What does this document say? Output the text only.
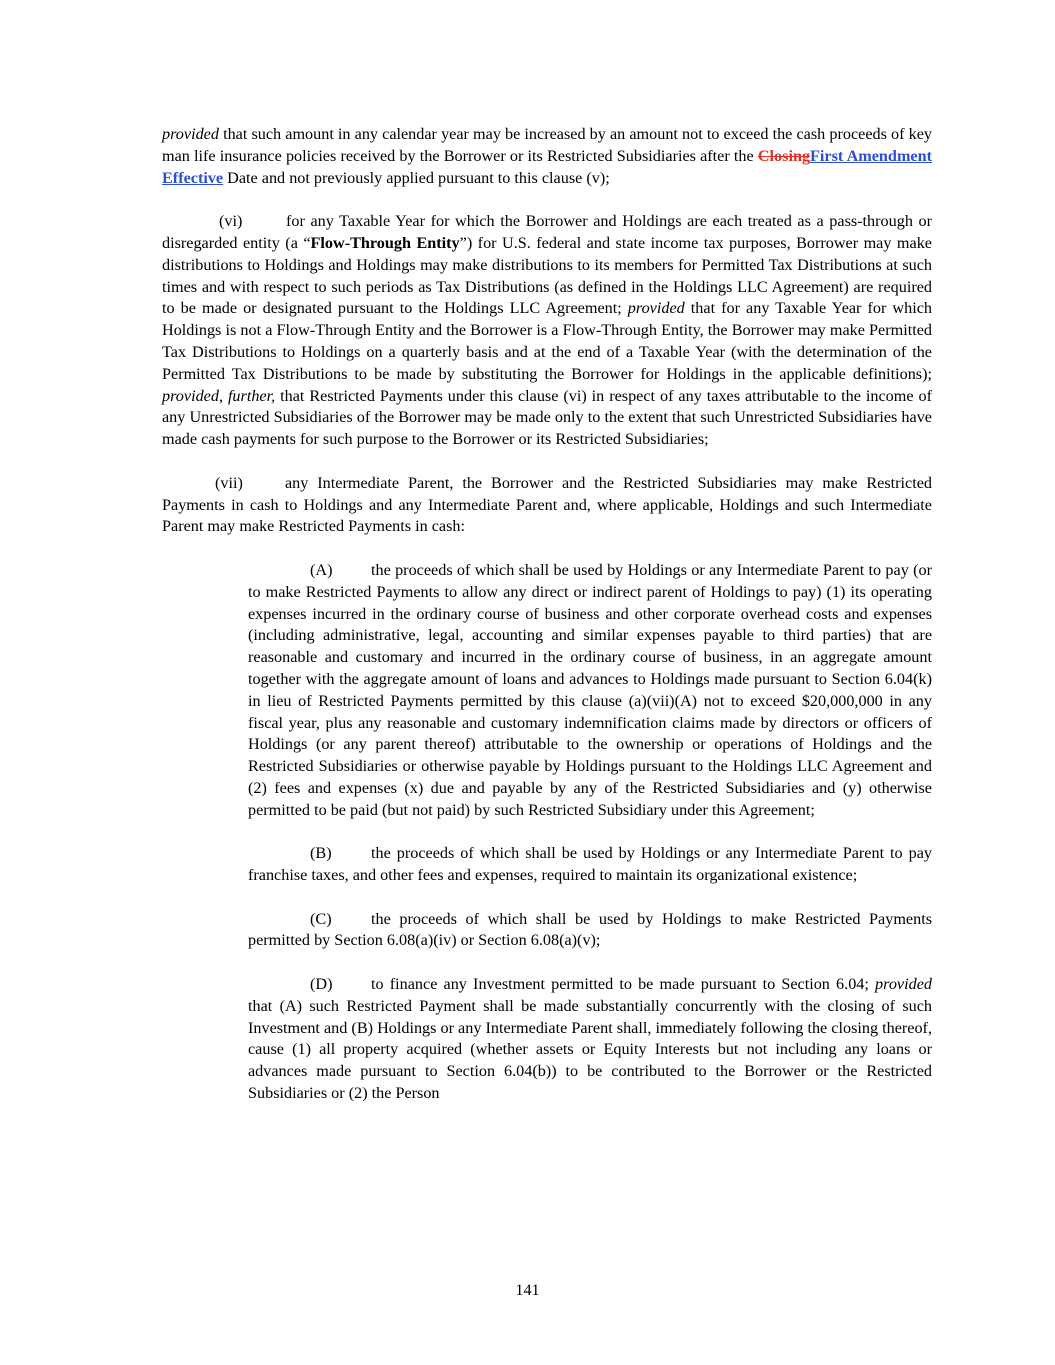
provided that such amount in any calendar year may be increased by an amount not to exceed the cash proceeds of key man life insurance policies received by the Borrower or its Restricted Subsidiaries after the ClosingFirst Amendment Effective Date and not previously applied pursuant to this clause (v);

(vi)	for any Taxable Year for which the Borrower and Holdings are each treated as a pass-through or disregarded entity (a “Flow-Through Entity”) for U.S. federal and state income tax purposes, Borrower may make distributions to Holdings and Holdings may make distributions to its members for Permitted Tax Distributions at such times and with respect to such periods as Tax Distributions (as defined in the Holdings LLC Agreement) are required to be made or designated pursuant to the Holdings LLC Agreement; provided that for any Taxable Year for which Holdings is not a Flow-Through Entity and the Borrower is a Flow-Through Entity, the Borrower may make Permitted Tax Distributions to Holdings on a quarterly basis and at the end of a Taxable Year (with the determination of the Permitted Tax Distributions to be made by substituting the Borrower for Holdings in the applicable definitions); provided, further, that Restricted Payments under this clause (vi) in respect of any taxes attributable to the income of any Unrestricted Subsidiaries of the Borrower may be made only to the extent that such Unrestricted Subsidiaries have made cash payments for such purpose to the Borrower or its Restricted Subsidiaries;

(vii)	any Intermediate Parent, the Borrower and the Restricted Subsidiaries may make Restricted Payments in cash to Holdings and any Intermediate Parent and, where applicable, Holdings and such Intermediate Parent may make Restricted Payments in cash:

(A) the proceeds of which shall be used by Holdings or any Intermediate Parent to pay (or to make Restricted Payments to allow any direct or indirect parent of Holdings to pay) (1) its operating expenses incurred in the ordinary course of business and other corporate overhead costs and expenses (including administrative, legal, accounting and similar expenses payable to third parties) that are reasonable and customary and incurred in the ordinary course of business, in an aggregate amount together with the aggregate amount of loans and advances to Holdings made pursuant to Section 6.04(k) in lieu of Restricted Payments permitted by this clause (a)(vii)(A) not to exceed $20,000,000 in any fiscal year, plus any reasonable and customary indemnification claims made by directors or officers of Holdings (or any parent thereof) attributable to the ownership or operations of Holdings and the Restricted Subsidiaries or otherwise payable by Holdings pursuant to the Holdings LLC Agreement and (2) fees and expenses (x) due and payable by any of the Restricted Subsidiaries and (y) otherwise permitted to be paid (but not paid) by such Restricted Subsidiary under this Agreement;

(B) the proceeds of which shall be used by Holdings or any Intermediate Parent to pay franchise taxes, and other fees and expenses, required to maintain its organizational existence;

(C) the proceeds of which shall be used by Holdings to make Restricted Payments permitted by Section 6.08(a)(iv) or Section 6.08(a)(v);

(D) to finance any Investment permitted to be made pursuant to Section 6.04; provided that (A) such Restricted Payment shall be made substantially concurrently with the closing of such Investment and (B) Holdings or any Intermediate Parent shall, immediately following the closing thereof, cause (1) all property acquired (whether assets or Equity Interests but not including any loans or advances made pursuant to Section 6.04(b)) to be contributed to the Borrower or the Restricted Subsidiaries or (2) the Person

141
